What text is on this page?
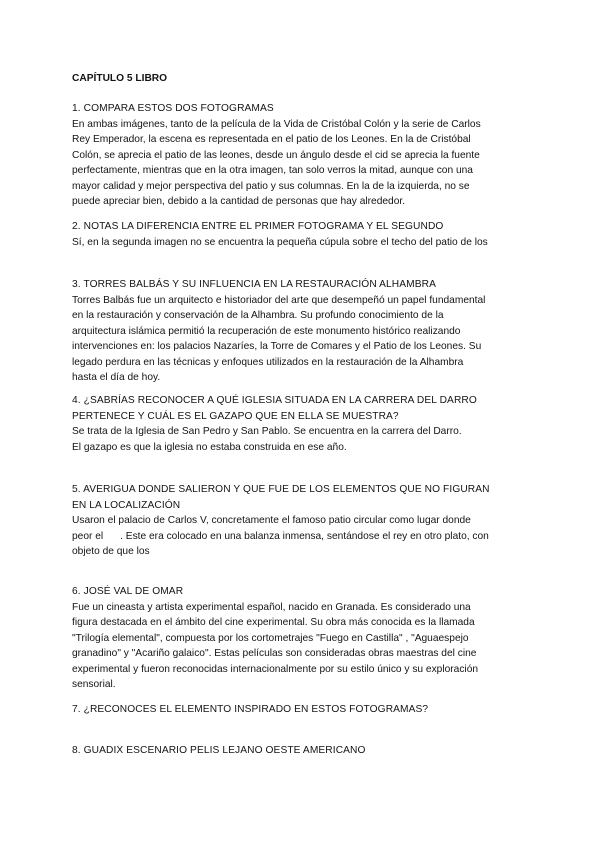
CAPÍTULO 5 LIBRO
1. COMPARA ESTOS DOS FOTOGRAMAS
En ambas imágenes, tanto de la película de la Vida de Cristóbal Colón y la serie de Carlos
Rey Emperador, la escena es representada en el patio de los Leones. En la de Cristóbal
Colón, se aprecia el patio de las leones, desde un ángulo desde el cid se aprecia la fuente
perfectamente, mientras que en la otra imagen, tan solo verros la mitad, aunque con una
mayor calidad y mejor perspectiva del patio y sus columnas. En la de la izquierda, no se
puede apreciar bien, debido a la cantidad de personas que hay alrededor.
2. NOTAS LA DIFERENCIA ENTRE EL PRIMER FOTOGRAMA Y EL SEGUNDO
Sí, en la segunda imagen no se encuentra la pequeña cúpula sobre el techo del patio de los
3. TORRES BALBÁS Y SU INFLUENCIA EN LA RESTAURACIÓN ALHAMBRA
Torres Balbás fue un arquitecto e historiador del arte que desempeñó un papel fundamental
en la restauración y conservación de la Alhambra. Su profundo conocimiento de la
arquitectura islámica permitió la recuperación de este monumento histórico realizando
intervenciones en: los palacios Nazaríes, la Torre de Comares y el Patio de los Leones. Su
legado perdura en las técnicas y enfoques utilizados en la restauración de la Alhambra
hasta el día de hoy.
4. ¿SABRÍAS RECONOCER A QUÉ IGLESIA SITUADA EN LA CARRERA DEL DARRO
PERTENECE Y CUÁL ES EL GAZAPO QUE EN ELLA SE MUESTRA?
Se trata de la Iglesia de San Pedro y San Pablo. Se encuentra en la carrera del Darro.
El gazapo es que la iglesia no estaba construida en ese año.
5. AVERIGUA DONDE SALIERON Y QUE FUE DE LOS ELEMENTOS QUE NO FIGURAN
EN LA LOCALIZACIÓN
Usaron el palacio de Carlos V, concretamente el famoso patio circular como lugar donde
peor el      . Este era colocado en una balanza inmensa, sentándose el rey en otro plato, con
objeto de que los
6. JOSÉ VAL DE OMAR
Fue un cineasta y artista experimental español, nacido en Granada. Es considerado una
figura destacada en el ámbito del cine experimental. Su obra más conocida es la llamada
"Trilogía elemental", compuesta por los cortometrajes "Fuego en Castilla" , "Aguaespejo
granadino" y "Acariño galaico". Estas películas son consideradas obras maestras del cine
experimental y fueron reconocidas internacionalmente por su estilo único y su exploración
sensorial.
7. ¿RECONOCES EL ELEMENTO INSPIRADO EN ESTOS FOTOGRAMAS?
8. GUADIX ESCENARIO PELIS LEJANO OESTE AMERICANO
